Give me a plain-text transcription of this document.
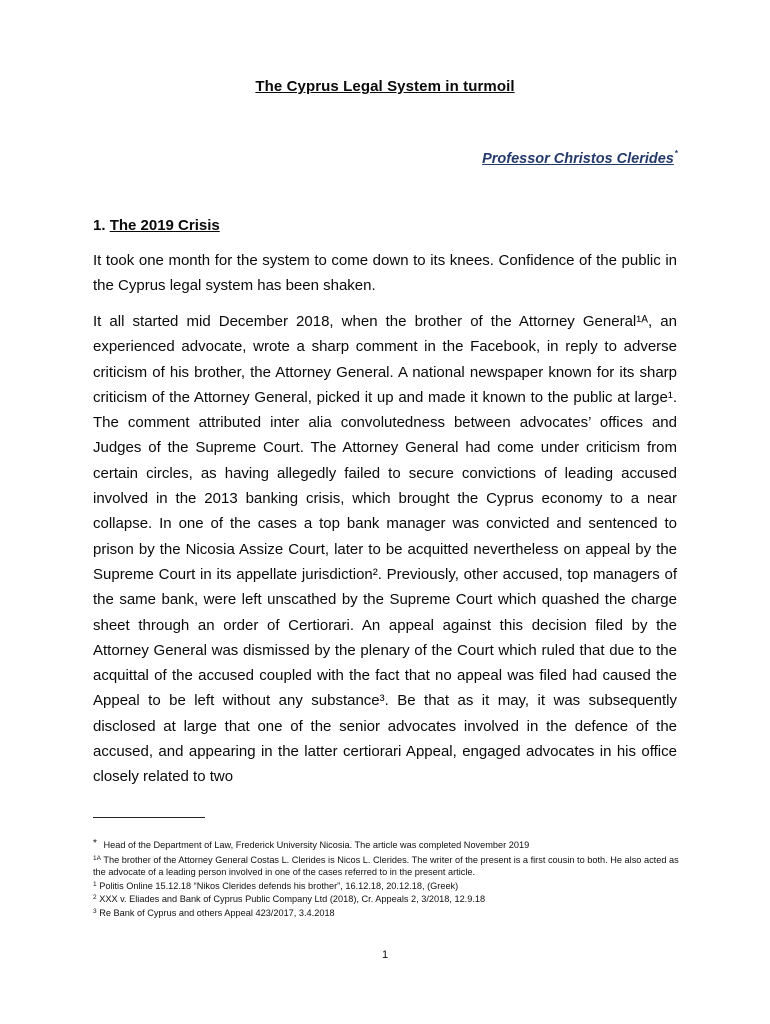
The Cyprus Legal System in turmoil
Professor Christos Clerides*
1. The 2019 Crisis

It took one month for the system to come down to its knees. Confidence of the public in the Cyprus legal system has been shaken.

It all started mid December 2018, when the brother of the Attorney General¹ᴬ, an experienced advocate, wrote a sharp comment in the Facebook, in reply to adverse criticism of his brother, the Attorney General. A national newspaper known for its sharp criticism of the Attorney General, picked it up and made it known to the public at large¹. The comment attributed inter alia convolutedness between advocates’ offices and Judges of the Supreme Court. The Attorney General had come under criticism from certain circles, as having allegedly failed to secure convictions of leading accused involved in the 2013 banking crisis, which brought the Cyprus economy to a near collapse. In one of the cases a top bank manager was convicted and sentenced to prison by the Nicosia Assize Court, later to be acquitted nevertheless on appeal by the Supreme Court in its appellate jurisdiction². Previously, other accused, top managers of the same bank, were left unscathed by the Supreme Court which quashed the charge sheet through an order of Certiorari. An appeal against this decision filed by the Attorney General was dismissed by the plenary of the Court which ruled that due to the acquittal of the accused coupled with the fact that no appeal was filed had caused the Appeal to be left without any substance³. Be that as it may, it was subsequently disclosed at large that one of the senior advocates involved in the defence of the accused, and appearing in the latter certiorari Appeal, engaged advocates in his office closely related to two

* Head of the Department of Law, Frederick University Nicosia. The article was completed November 2019

$^{1A}$ The brother of the Attorney General Costas L. Clerides is Nicos L. Clerides. The writer of the present is a first cousin to both. He also acted as the advocate of a leading person involved in one of the cases referred to in the present article.

$^1$ Politis Online 15.12.18 “Nikos Clerides defends his brother”, 16.12.18, 20.12.18, (Greek)

$^2$ XXX v. Eliades and Bank of Cyprus Public Company Ltd (2018), Cr. Appeals 2, 3/2018, 12.9.18

$^3$ Re Bank of Cyprus and others Appeal 423/2017, 3.4.2018

1
